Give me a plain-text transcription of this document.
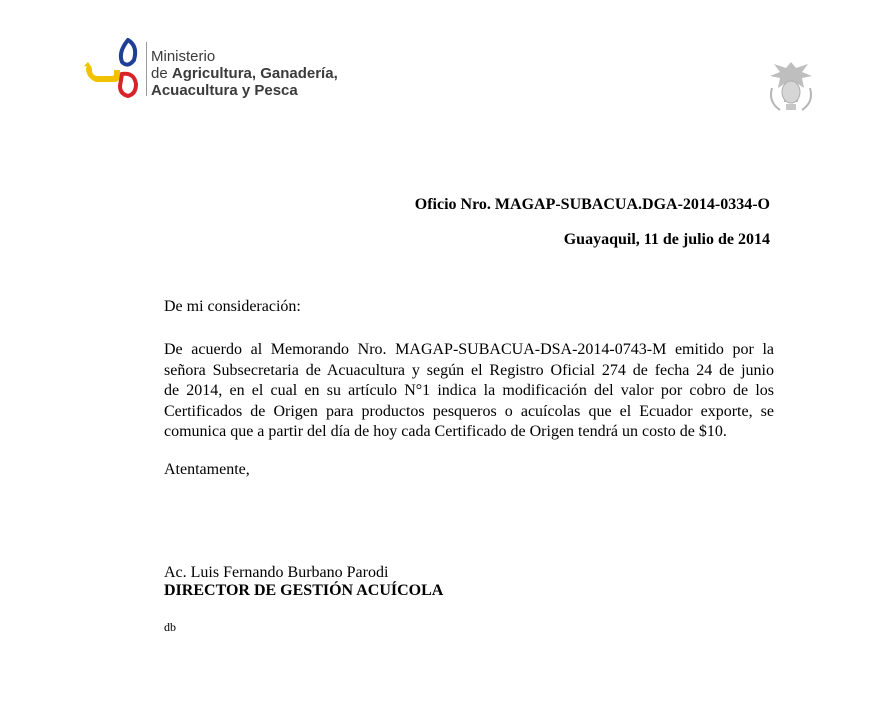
Ministerio
de Agricultura, Ganadería,
Acuacultura y Pesca
Oficio Nro. MAGAP-SUBACUA.DGA-2014-0334-O
Guayaquil, 11 de julio de 2014
De mi consideración:
De acuerdo al Memorando Nro. MAGAP-SUBACUA-DSA-2014-0743-M emitido por la
señora Subsecretaria de Acuacultura y según el Registro Oficial 274 de fecha 24 de junio
de 2014, en el cual en su artículo N°1 indica la modificación del valor por cobro de los
Certificados de Origen para productos pesqueros o acuícolas que el Ecuador exporte, se
comunica que a partir del día de hoy cada Certificado de Origen tendrá un costo de $10.
Atentamente,
Ac. Luis Fernando Burbano Parodi
DIRECTOR DE GESTIÓN ACUÍCOLA
db
